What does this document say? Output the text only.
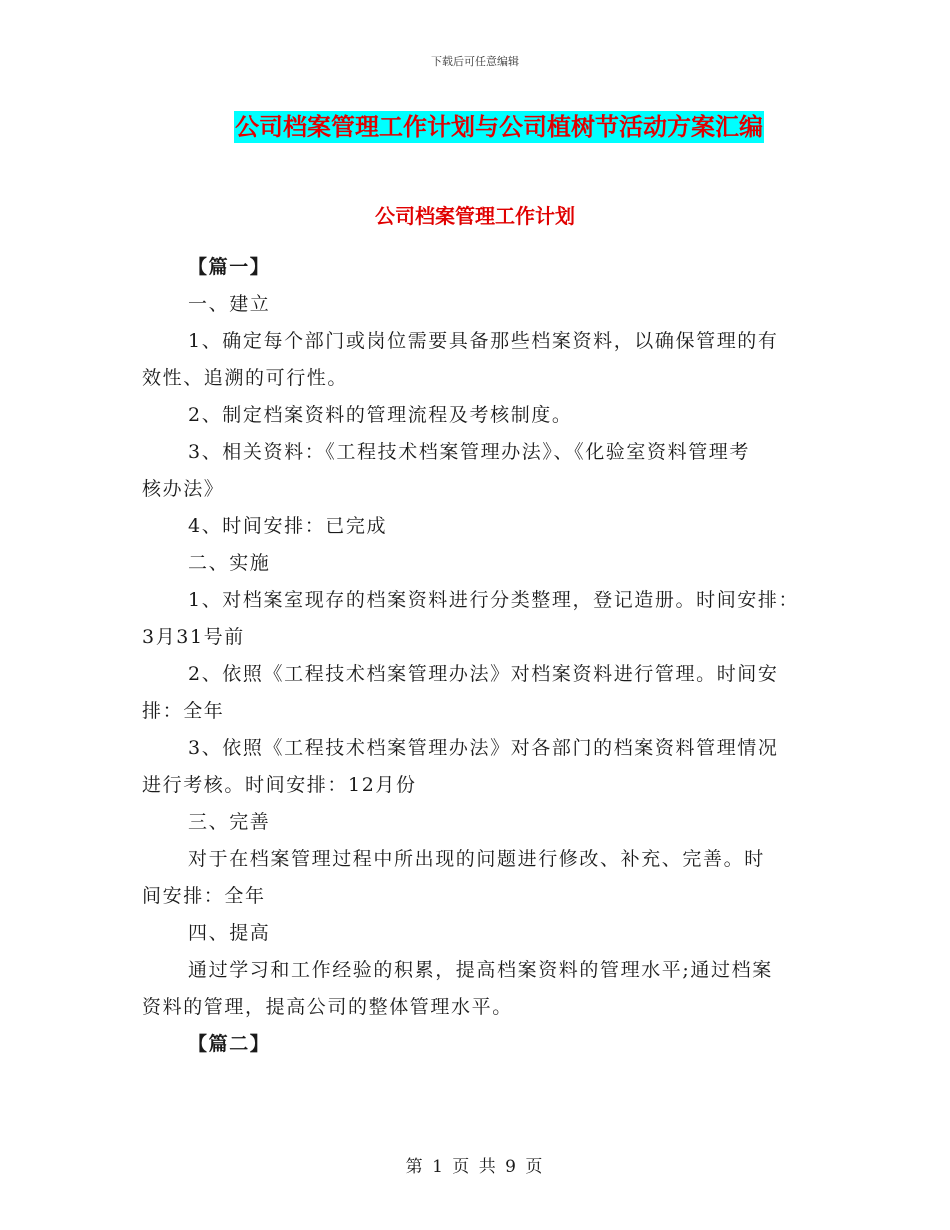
下载后可任意编辑
公司档案管理工作计划与公司植树节活动方案汇编
公司档案管理工作计划
【篇一】
一、建立
1、确定每个部门或岗位需要具备那些档案资料，以确保管理的有
效性、追溯的可行性。
2、制定档案资料的管理流程及考核制度。
3、相关资料：《工程技术档案管理办法》、《化验室资料管理考
核办法》
4、时间安排：已完成
二、实施
1、对档案室现存的档案资料进行分类整理，登记造册。时间安排：
3月31号前
2、依照《工程技术档案管理办法》对档案资料进行管理。时间安
排：全年
3、依照《工程技术档案管理办法》对各部门的档案资料管理情况
进行考核。时间安排：12月份
三、完善
对于在档案管理过程中所出现的问题进行修改、补充、完善。时
间安排：全年
四、提高
通过学习和工作经验的积累，提高档案资料的管理水平;通过档案
资料的管理，提高公司的整体管理水平。
【篇二】
第 1 页 共 9 页
